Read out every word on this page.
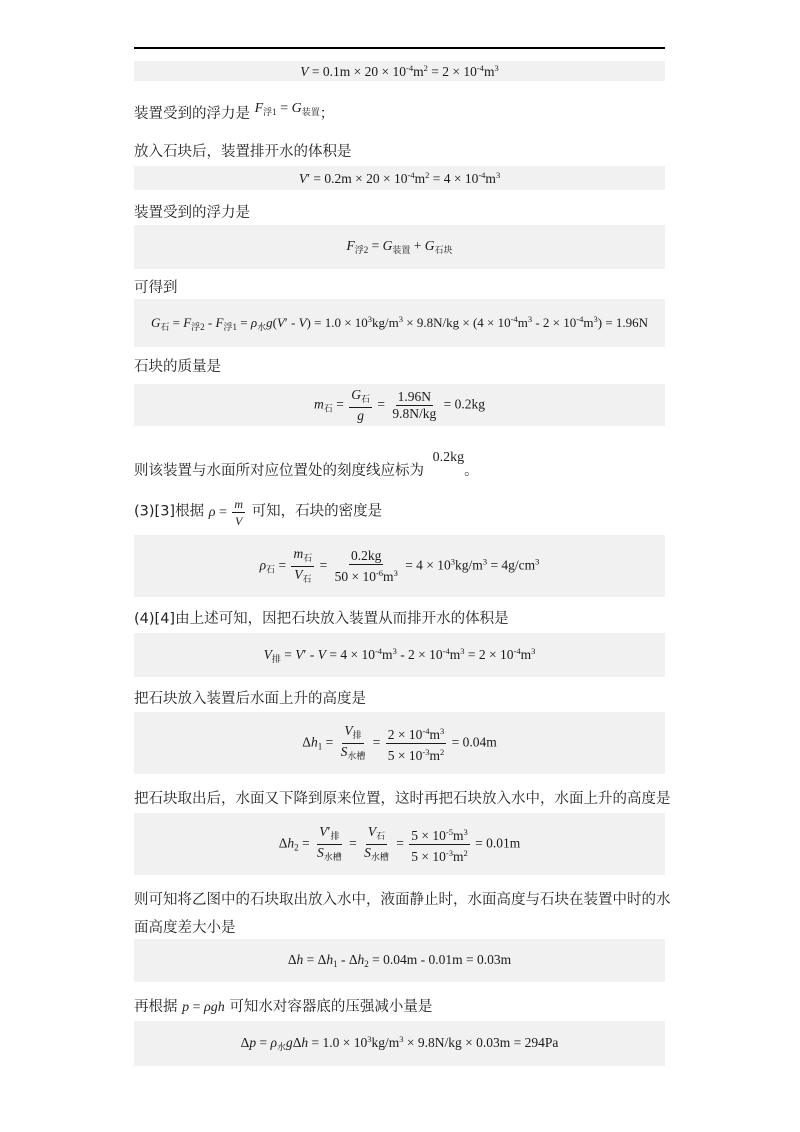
$V = 0.1m \times 20 \times 10^{-4}m^2 = 2 \times 10^{-4}m^3$
装置受到的浮力是 $F_{浮1} = G_{装置}$；
放入石块后，装置排开水的体积是
$V' = 0.2m \times 20 \times 10^{-4}m^2 = 4 \times 10^{-4}m^3$
装置受到的浮力是
$F_{浮2} = G_{装置} + G_{石块}$
可得到
$G_石 = F_{浮2} - F_{浮1} = \rho_水g(V' - V) = 1.0 \times 10^3kg/m^3 \times 9.8N/kg \times (4 \times 10^{-4}m^3 - 2 \times 10^{-4}m^3) = 1.96N$
石块的质量是
$m_石 = \frac{G_石}{g} = \frac{1.96N}{9.8N/kg} = 0.2kg$
则该装置与水面所对应位置处的刻度线应标为 0.2kg。
(3)[3]根据 $\rho = \frac{m}{V}$ 可知，石块的密度是
$\rho_石 = \frac{m_石}{V_石} = \frac{0.2kg}{50 \times 10^{-6}m^3} = 4 \times 10^3kg/m^3 = 4g/cm^3$
(4)[4]由上述可知，因把石块放入装置从而排开水的体积是
$V_排 = V' - V = 4 \times 10^{-4}m^3 - 2 \times 10^{-4}m^3 = 2 \times 10^{-4}m^3$
把石块放入装置后水面上升的高度是
$\Delta h_1 = \frac{V_排}{S_{水槽}} = \frac{2 \times 10^{-4}m^3}{5 \times 10^{-3}m^2} = 0.04m$
把石块取出后，水面又下降到原来位置，这时再把石块放入水中，水面上升的高度是
$\Delta h_2 = \frac{V'_排}{S_{水槽}} = \frac{V_石}{S_{水槽}} = \frac{5 \times 10^{-5}m^3}{5 \times 10^{-3}m^2} = 0.01m$
则可知将乙图中的石块取出放入水中，液面静止时，水面高度与石块在装置中时的水
面高度差大小是
$\Delta h = \Delta h_1 - \Delta h_2 = 0.04m - 0.01m = 0.03m$
再根据 p = ρgh 可知水对容器底的压强减小量是
$\Delta p = \rho_水g\Delta h = 1.0 \times 10^3kg/m^3 \times 9.8N/kg \times 0.03m = 294Pa$
